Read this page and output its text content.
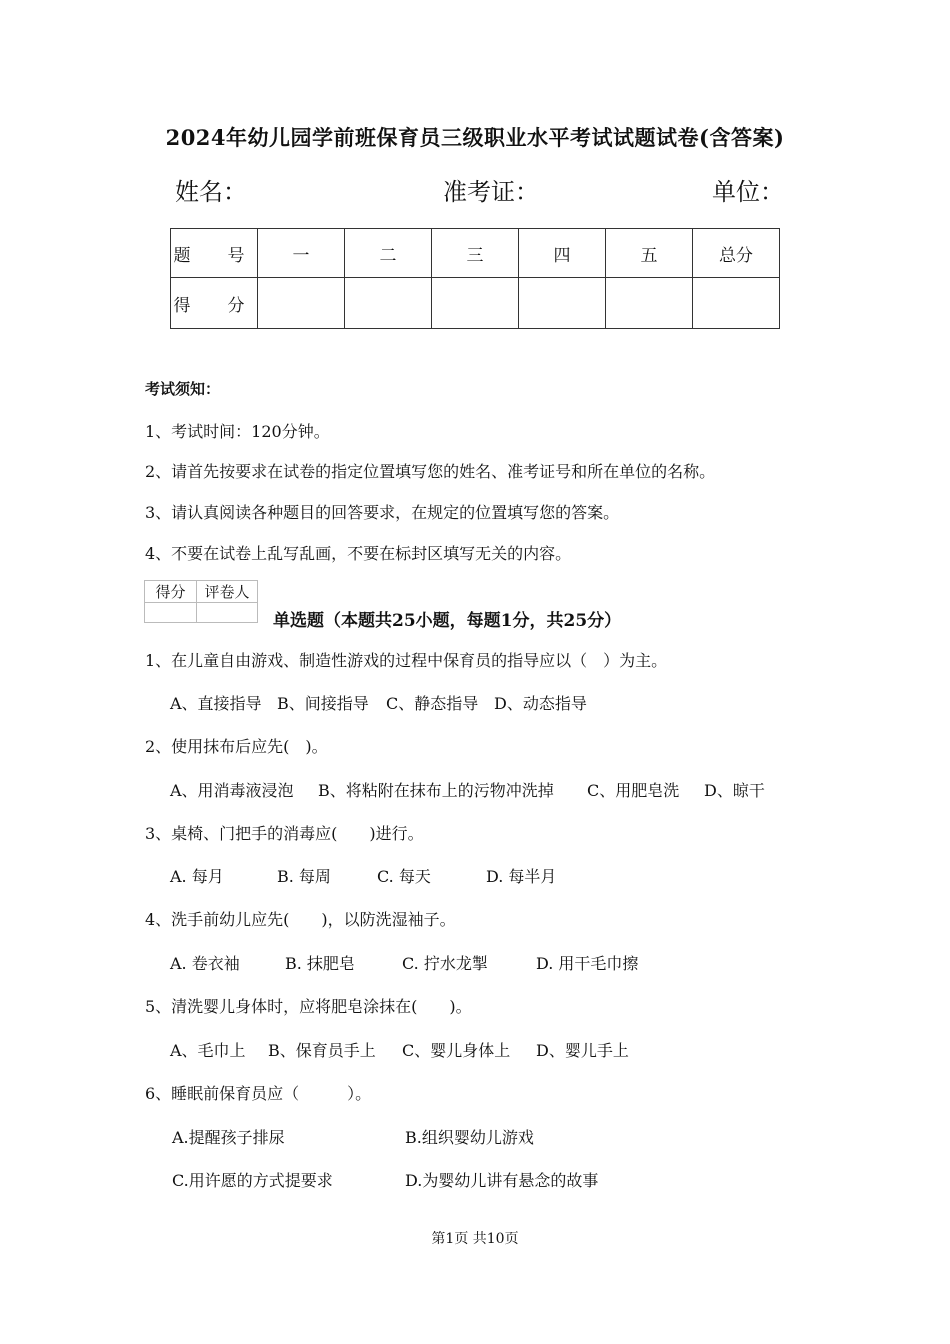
2024年幼儿园学前班保育员三级职业水平考试试题试卷(含答案)
姓名：	准考证：	单位：
题　号	一	二	三	四	五	总分
得　分						
考试须知：
1、考试时间：120分钟。
2、请首先按要求在试卷的指定位置填写您的姓名、准考证号和所在单位的名称。
3、请认真阅读各种题目的回答要求，在规定的位置填写您的答案。
4、不要在试卷上乱写乱画，不要在标封区填写无关的内容。
得分	评卷人

单选题（本题共25小题，每题1分，共25分）
1、在儿童自由游戏、制造性游戏的过程中保育员的指导应以（　）为主。
A、直接指导 B、间接指导 C、静态指导 D、动态指导
2、使用抹布后应先(　)。
A、用消毒液浸泡 B、将粘附在抹布上的污物冲洗掉 C、用肥皂洗 D、晾干
3、桌椅、门把手的消毒应(　　)进行。
A. 每月	B. 每周	C. 每天	D. 每半月
4、洗手前幼儿应先(　　)，以防洗湿袖子。
A. 卷衣袖	B. 抹肥皂	C. 拧水龙掣	D. 用干毛巾擦
5、清洗婴儿身体时，应将肥皂涂抹在(　　)。
A、毛巾上 B、保育员手上 C、婴儿身体上 D、婴儿手上
6、睡眠前保育员应（　　　）。
A.提醒孩子排尿	B.组织婴幼儿游戏
C.用许愿的方式提要求	D.为婴幼儿讲有悬念的故事
第1页 共10页
